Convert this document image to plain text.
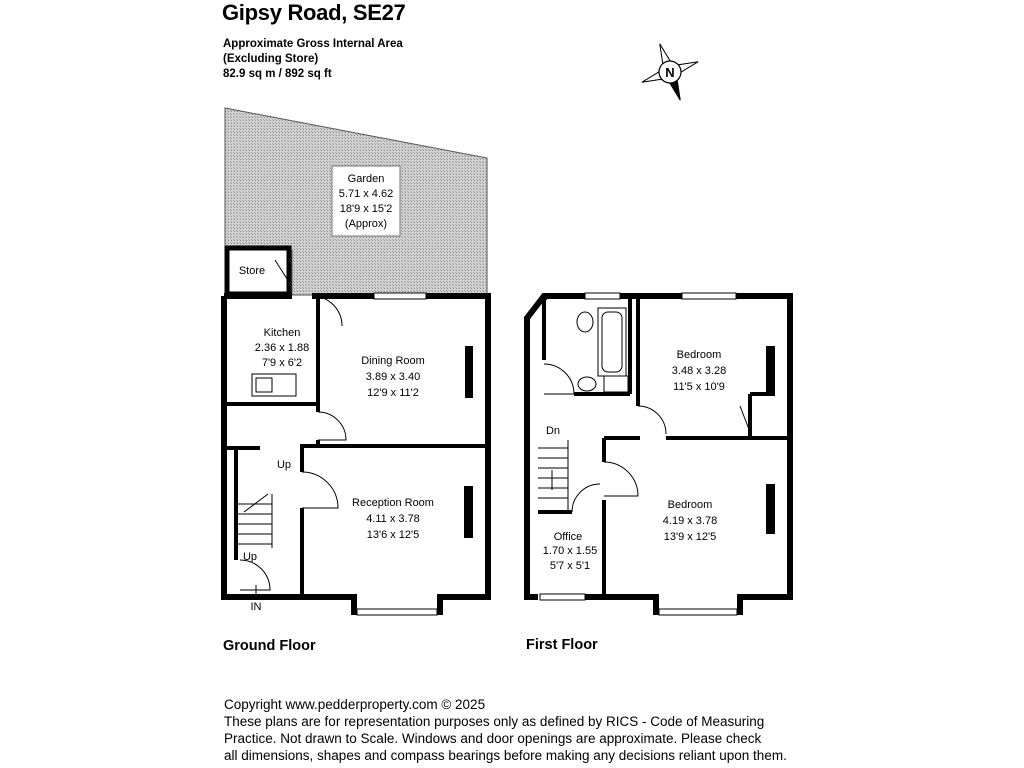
Gipsy Road, SE27
Approximate Gross Internal Area
(Excluding Store)
82.9 sq m / 892 sq ft	N
Garden
5.71 x 4.62
18'9 x 15'2
(Approx)
Store
Up
Up
IN
Kitchen
2.36 x 1.88
7'9 x 6'2	Dining Room
3.89 x 3.40
12'9 x 11'2
Reception Room
4.11 x 3.78
13'6 x 12'5
Dn
Bedroom
3.48 x 3.28
11'5 x 10'9
Bedroom
4.19 x 3.78
13'9 x 12'5
Office
1.70 x 1.55
5'7 x 5'1
Ground Floor	First Floor
Copyright www.pedderproperty.com © 2025
These plans are for representation purposes only as defined by RICS - Code of Measuring
Practice. Not drawn to Scale. Windows and door openings are approximate. Please check
all dimensions, shapes and compass bearings before making any decisions reliant upon them.
